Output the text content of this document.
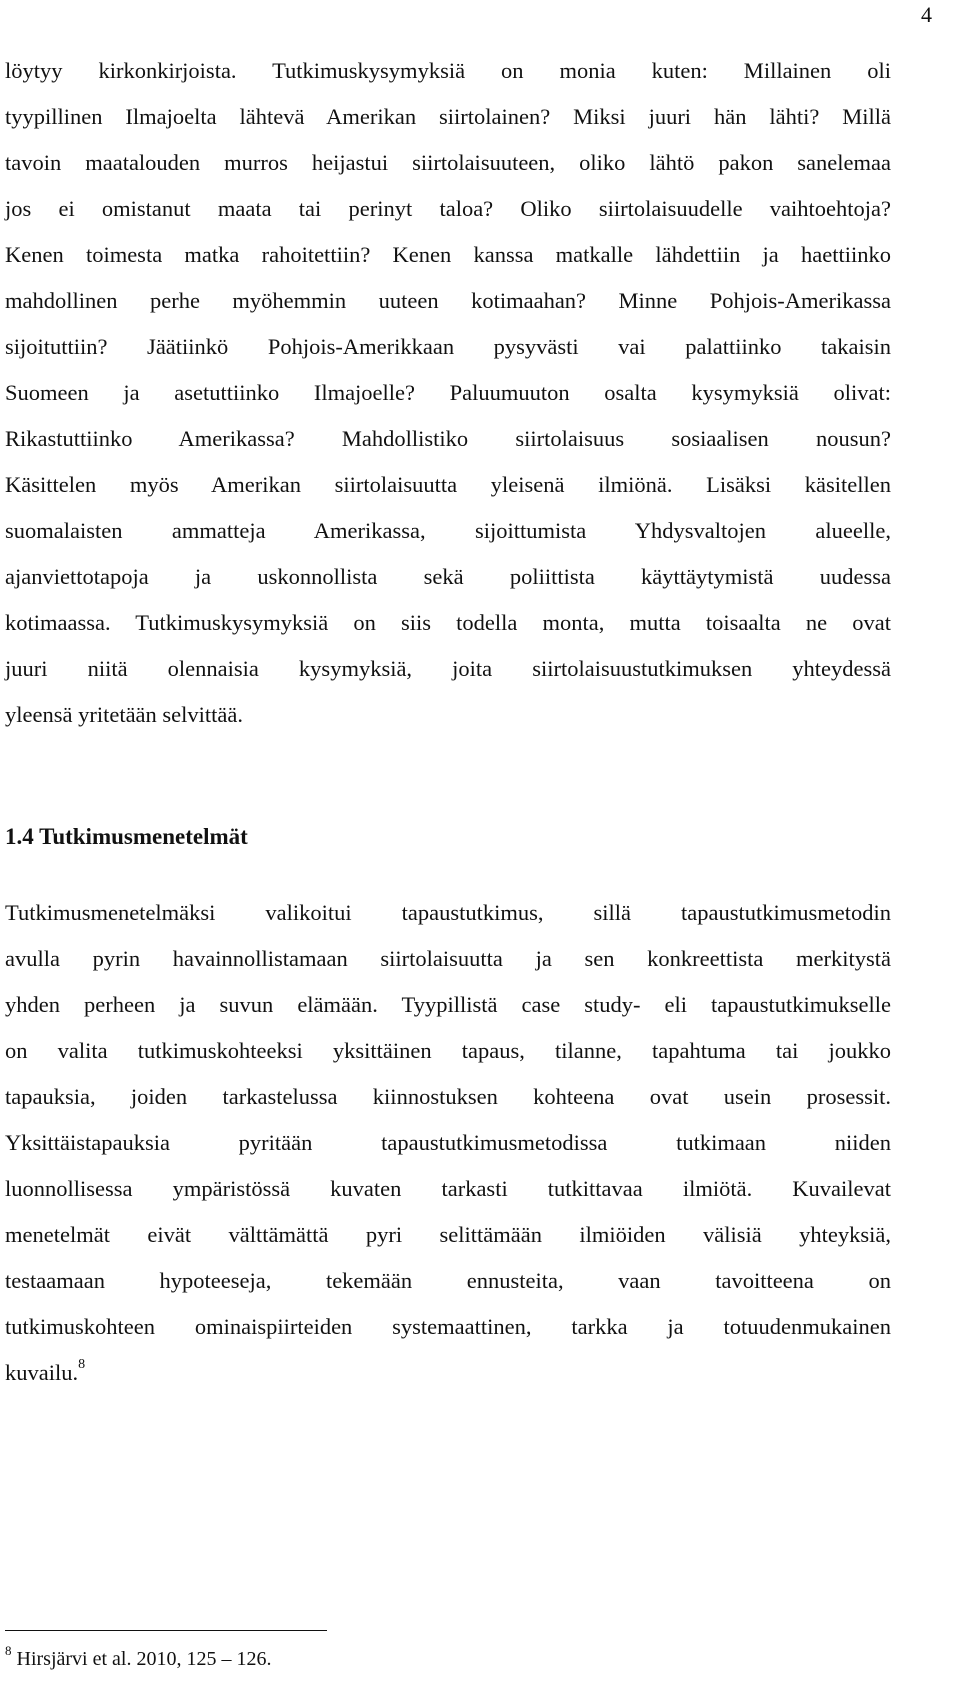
4
löytyy kirkonkirjoista. Tutkimuskysymyksiä on monia kuten: Millainen oli
tyypillinen Ilmajoelta lähtevä Amerikan siirtolainen? Miksi juuri hän lähti? Millä
tavoin maatalouden murros heijastui siirtolaisuuteen, oliko lähtö pakon sanelemaa
jos ei omistanut maata tai perinyt taloa? Oliko siirtolaisuudelle vaihtoehtoja?
Kenen toimesta matka rahoitettiin? Kenen kanssa matkalle lähdettiin ja haettiinko
mahdollinen perhe myöhemmin uuteen kotimaahan? Minne Pohjois-Amerikassa
sijoituttiin? Jäätiinkö Pohjois-Amerikkaan pysyvästi vai palattiinko takaisin
Suomeen ja asetuttiinko Ilmajoelle? Paluumuuton osalta kysymyksiä olivat:
Rikastuttiinko Amerikassa? Mahdollistiko siirtolaisuus sosiaalisen nousun?
Käsittelen myös Amerikan siirtolaisuutta yleisenä ilmiönä. Lisäksi käsitellen
suomalaisten ammatteja Amerikassa, sijoittumista Yhdysvaltojen alueelle,
ajanviettotapoja ja uskonnollista sekä poliittista käyttäytymistä uudessa
kotimaassa. Tutkimuskysymyksiä on siis todella monta, mutta toisaalta ne ovat
juuri niitä olennaisia kysymyksiä, joita siirtolaisuustutkimuksen yhteydessä
yleensä yritetään selvittää.
1.4 Tutkimusmenetelmät
Tutkimusmenetelmäksi valikoitui tapaustutkimus, sillä tapaustutkimusmetodin
avulla pyrin havainnollistamaan siirtolaisuutta ja sen konkreettista merkitystä
yhden perheen ja suvun elämään. Tyypillistä case study- eli tapaustutkimukselle
on valita tutkimuskohteeksi yksittäinen tapaus, tilanne, tapahtuma tai joukko
tapauksia, joiden tarkastelussa kiinnostuksen kohteena ovat usein prosessit.
Yksittäistapauksia pyritään tapaustutkimusmetodissa tutkimaan niiden
luonnollisessa ympäristössä kuvaten tarkasti tutkittavaa ilmiötä. Kuvailevat
menetelmät eivät välttämättä pyri selittämään ilmiöiden välisiä yhteyksiä,
testaamaan hypoteeseja, tekemään ennusteita, vaan tavoitteena on
tutkimuskohteen ominaispiirteiden systemaattinen, tarkka ja totuudenmukainen
kuvailu.$^8$
$^8$ Hirsjärvi et al. 2010, 125 – 126.
